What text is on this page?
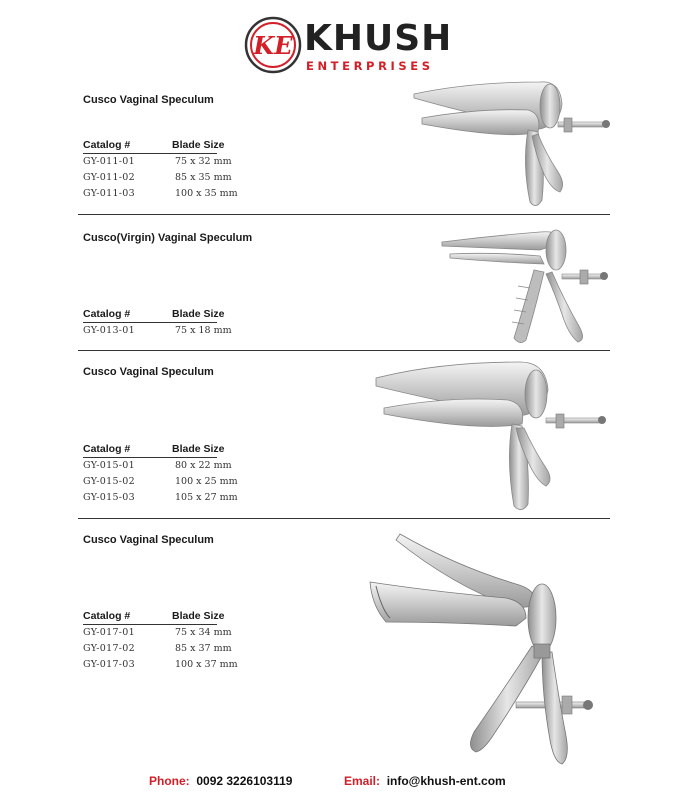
KE KHUSH
ENTERPRISES
Cusco Vaginal Speculum
Catalog #	Blade Size
GY-011-01	75 x 32 mm
GY-011-02	85 x 35 mm
GY-011-03	100 x 35 mm
Cusco(Virgin) Vaginal Speculum
Catalog #	Blade Size
GY-013-01	75 x 18 mm
Cusco Vaginal Speculum
Catalog #	Blade Size
GY-015-01	80 x 22 mm
GY-015-02	100 x 25 mm
GY-015-03	105 x 27 mm
Cusco Vaginal Speculum
Catalog #	Blade Size
GY-017-01	75 x 34 mm
GY-017-02	85 x 37 mm
GY-017-03	100 x 37 mm
Phone: 0092 3226103119	Email: info@khush-ent.com
